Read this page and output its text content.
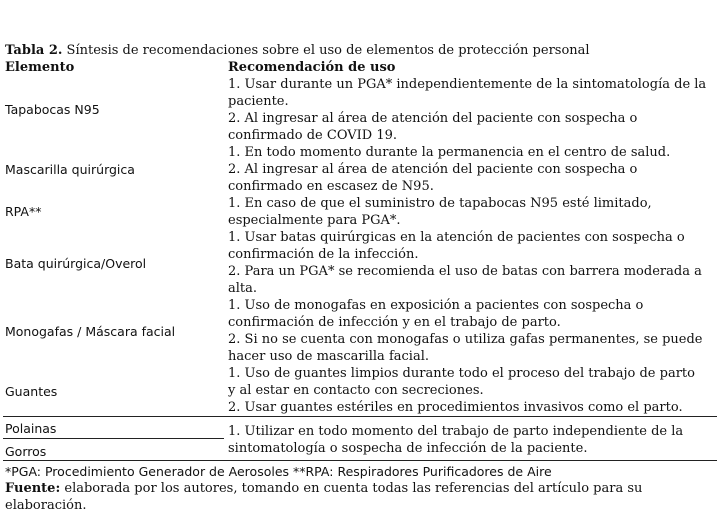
Tabla 2. Síntesis de recomendaciones sobre el uso de elementos de protección personal
Elemento	Recomendación de uso
Tapabocas N95
1. Usar durante un PGA* independientemente de la sintomatología de la
paciente.
2. Al ingresar al área de atención del paciente con sospecha o
confirmado de COVID 19.
Mascarilla quirúrgica
1. En todo momento durante la permanencia en el centro de salud.
2. Al ingresar al área de atención del paciente con sospecha o
confirmado en escasez de N95.
RPA**
1. En caso de que el suministro de tapabocas N95 esté limitado,
especialmente para PGA*.
Bata quirúrgica/Overol
1. Usar batas quirúrgicas en la atención de pacientes con sospecha o
confirmación de la infección.
2. Para un PGA* se recomienda el uso de batas con barrera moderada a
alta.
Monogafas / Máscara facial
1. Uso de monogafas en exposición a pacientes con sospecha o
confirmación de infección y en el trabajo de parto.
2. Si no se cuenta con monogafas o utiliza gafas permanentes, se puede
hacer uso de mascarilla facial.
Guantes
1. Uso de guantes limpios durante todo el proceso del trabajo de parto
y al estar en contacto con secreciones.
2. Usar guantes estériles en procedimientos invasivos como el parto.
Polainas
Gorros
1. Utilizar en todo momento del trabajo de parto independiente de la
sintomatología o sospecha de infección de la paciente.
*PGA: Procedimiento Generador de Aerosoles **RPA: Respiradores Purificadores de Aire
Fuente: elaborada por los autores, tomando en cuenta todas las referencias del artículo para su
elaboración.
